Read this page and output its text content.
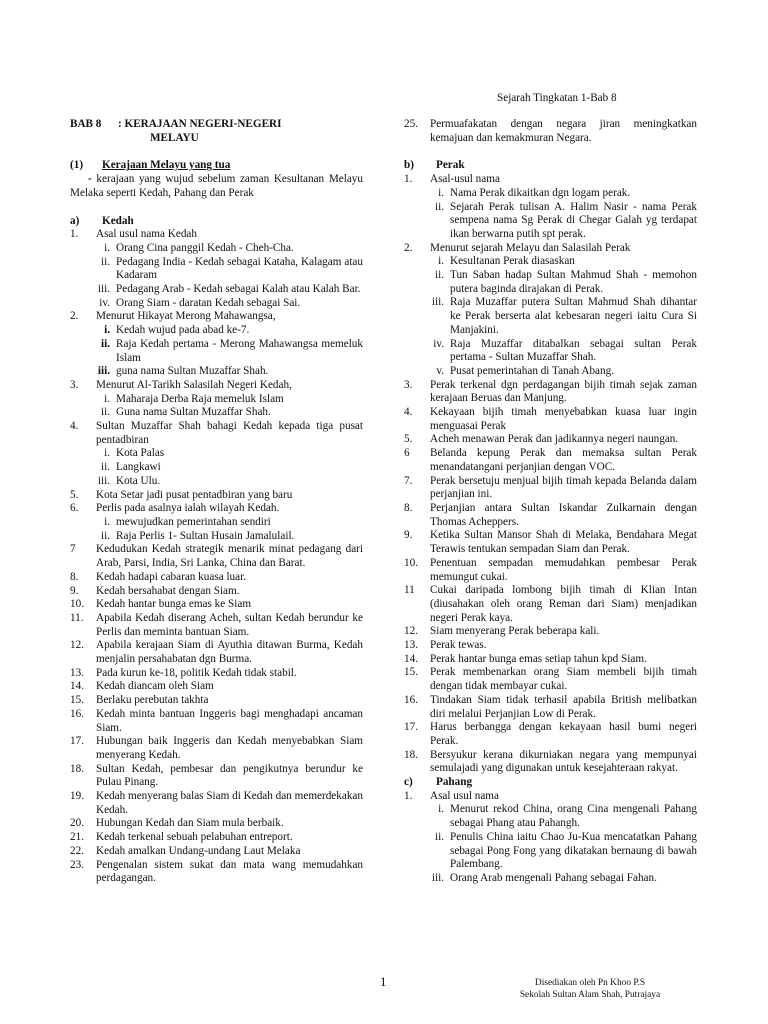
Sejarah Tingkatan 1-Bab 8
BAB 8	: KERAJAAN NEGERI-NEGERI
MELAYU
(1)	Kerajaan Melayu yang tua
- kerajaan yang wujud sebelum zaman Kesultanan Melayu Melaka seperti Kedah, Pahang dan Perak
a)	Kedah
1.	Asal usul nama Kedah
i. Orang Cina panggil Kedah - Cheh-Cha.
ii. Pedagang India - Kedah sebagai Kataha, Kalagam atau Kadaram
iii. Pedagang Arab - Kedah sebagai Kalah atau Kalah Bar.
iv. Orang Siam - daratan Kedah sebagai Sai.
2.	Menurut Hikayat Merong Mahawangsa,
i. Kedah wujud pada abad ke-7.
ii. Raja Kedah pertama - Merong Mahawangsa memeluk Islam
iii. guna nama Sultan Muzaffar Shah.
3.	Menurut Al-Tarikh Salasilah Negeri Kedah,
i. Maharaja Derba Raja memeluk Islam
ii. Guna nama Sultan Muzaffar Shah.
4.	Sultan Muzaffar Shah bahagi Kedah kepada tiga pusat pentadbiran
i. Kota Palas
ii. Langkawi
iii. Kota Ulu.
5.	Kota Setar jadi pusat pentadbiran yang baru
6.	Perlis pada asalnya ialah wilayah Kedah.
i. mewujudkan pemerintahan sendiri
ii. Raja Perlis 1- Sultan Husain Jamalulail.
7	Kedudukan Kedah strategik menarik minat pedagang dari Arab, Parsi, India, Sri Lanka, China dan Barat.
8.	Kedah hadapi cabaran kuasa luar.
9.	Kedah bersahabat dengan Siam.
10.	Kedah hantar bunga emas ke Siam
11.	Apabila Kedah diserang Acheh, sultan Kedah berundur ke Perlis dan meminta bantuan Siam.
12.	Apabila kerajaan Siam di Ayuthia ditawan Burma, Kedah menjalin persahabatan dgn Burma.
13.	Pada kurun ke-18, politik Kedah tidak stabil.
14.	Kedah diancam oleh Siam
15.	Berlaku perebutan takhta
16.	Kedah minta bantuan Inggeris bagi menghadapi ancaman Siam.
17.	Hubungan baik Inggeris dan Kedah menyebabkan Siam menyerang Kedah.
18.	Sultan Kedah, pembesar dan pengikutnya berundur ke Pulau Pinang.
19.	Kedah menyerang balas Siam di Kedah dan memerdekakan Kedah.
20.	Hubungan Kedah dan Siam mula berbaik.
21.	Kedah terkenal sebuah pelabuhan entreport.
22.	Kedah amalkan Undang-undang Laut Melaka
23.	Pengenalan sistem sukat dan mata wang memudahkan perdagangan.
25.	Permuafakatan dengan negara jiran meningkatkan kemajuan dan kemakmuran Negara.
b)	Perak
1.	Asal-usul nama
i. Nama Perak dikaitkan dgn logam perak.
ii. Sejarah Perak tulisan A. Halim Nasir - nama Perak sempena nama Sg Perak di Chegar Galah yg terdapat ikan berwarna putih spt perak.
2.	Menurut sejarah Melayu dan Salasilah Perak
i. Kesultanan Perak diasaskan
ii. Tun Saban hadap Sultan Mahmud Shah - memohon putera baginda dirajakan di Perak.
iii. Raja Muzaffar putera Sultan Mahmud Shah dihantar ke Perak berserta alat kebesaran negeri iaitu Cura Si Manjakini.
iv. Raja Muzaffar ditabalkan sebagai sultan Perak pertama - Sultan Muzaffar Shah.
v. Pusat pemerintahan di Tanah Abang.
3.	Perak terkenal dgn perdagangan bijih timah sejak zaman kerajaan Beruas dan Manjung.
4.	Kekayaan bijih timah menyebabkan kuasa luar ingin menguasai Perak
5.	Acheh menawan Perak dan jadikannya negeri naungan.
6	Belanda kepung Perak dan memaksa sultan Perak menandatangani perjanjian dengan VOC.
7.	Perak bersetuju menjual bijih timah kepada Belanda dalam perjanjian ini.
8.	Perjanjian antara Sultan Iskandar Zulkarnain dengan Thomas Acheppers.
9.	Ketika Sultan Mansor Shah di Melaka, Bendahara Megat Terawis tentukan sempadan Siam dan Perak.
10.	Penentuan sempadan memudahkan pembesar Perak memungut cukai.
11	Cukai daripada lombong bijih timah di Klian Intan (diusahakan oleh orang Reman dari Siam) menjadikan negeri Perak kaya.
12.	Siam menyerang Perak beberapa kali.
13.	Perak tewas.
14.	Perak hantar bunga emas setiap tahun kpd Siam.
15.	Perak membenarkan orang Siam membeli bijih timah dengan tidak membayar cukai.
16.	Tindakan Siam tidak terhasil apabila British melibatkan diri melalui Perjanjian Low di Perak.
17.	Harus berbangga dengan kekayaan hasil bumi negeri Perak.
18.	Bersyukur kerana dikurniakan negara yang mempunyai semulajadi yang digunakan untuk kesejahteraan rakyat.
c)	Pahang
1.	Asal usul nama
i. Menurut rekod China, orang Cina mengenali Pahang sebagai Phang atau Pahangh.
ii. Penulis China iaitu Chao Ju-Kua mencatatkan Pahang sebagai Pong Fong yang dikatakan bernaung di bawah Palembang.
iii. Orang Arab mengenali Pahang sebagai Fahan.
1	Disediakan oleh Pn Khoo P.S
Sekolah Sultan Alam Shah, Putrajaya
